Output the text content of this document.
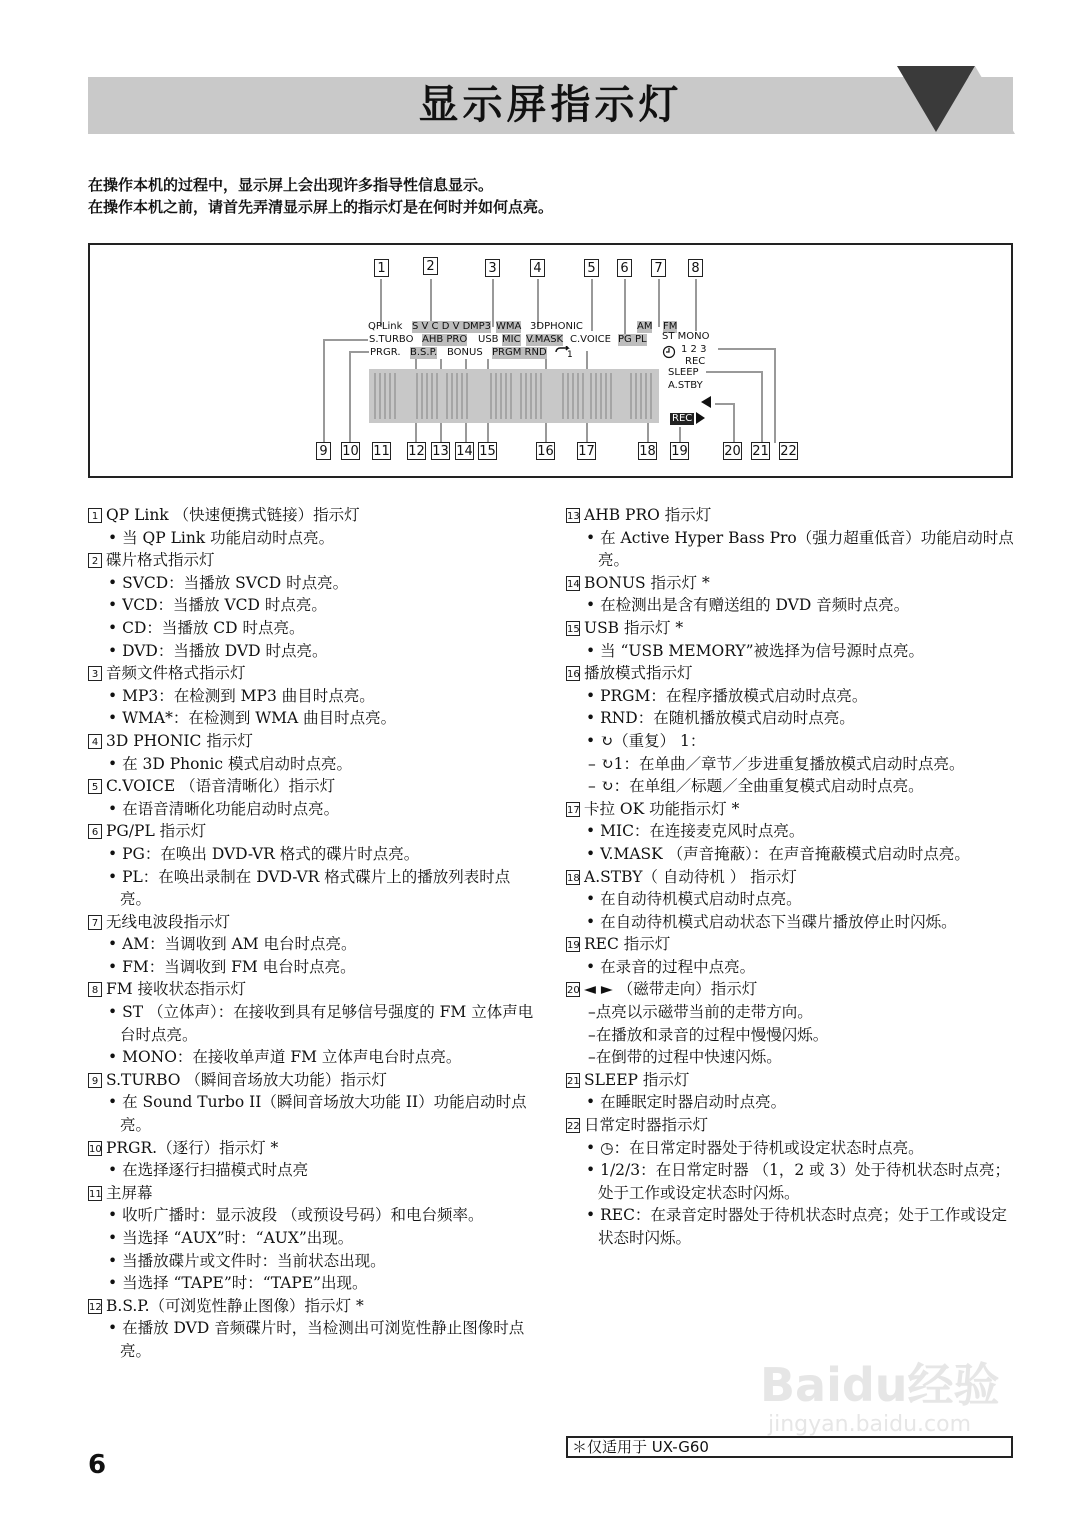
显示屏指示灯
在操作本机的过程中，显示屏上会出现许多指导性信息显示。
在操作本机之前，请首先弄清显示屏上的指示灯是在何时并如何点亮。
1	2	3	4	5 6 7 8
QPLink S V C D V D MP3 WMA 3DPHONIC	AM FM
S.TURBO AHB PRO USB MIC V.MASK C.VOICE PG PL ST MONO
PRGR. B.S.P. BONUS PRGM RND 1	1 2 3
REC
SLEEP
A.STBY
REC
9 10 11 12 13 14 15	16 17	18 19	20 21 22
1 QP Link （快速便携式链接）指示灯
• 当 QP Link 功能启动时点亮。
2 碟片格式指示灯
• SVCD：当播放 SVCD 时点亮。
• VCD：当播放 VCD 时点亮。
• CD：当播放 CD 时点亮。
• DVD：当播放 DVD 时点亮。
3 音频文件格式指示灯
• MP3：在检测到 MP3 曲目时点亮。
• WMA*：在检测到 WMA 曲目时点亮。
4 3D PHONIC 指示灯
• 在 3D Phonic 模式启动时点亮。
5 C.VOICE （语音清晰化）指示灯
• 在语音清晰化功能启动时点亮。
6 PG/PL 指示灯
• PG：在唤出 DVD-VR 格式的碟片时点亮。
• PL：在唤出录制在 DVD-VR 格式碟片上的播放列表时点亮。
7 无线电波段指示灯
• AM：当调收到 AM 电台时点亮。
• FM：当调收到 FM 电台时点亮。
8 FM 接收状态指示灯
• ST （立体声）：在接收到具有足够信号强度的 FM 立体声电台时点亮。
• MONO：在接收单声道 FM 立体声电台时点亮。
9 S.TURBO （瞬间音场放大功能）指示灯
• 在 Sound Turbo II（瞬间音场放大功能 II）功能启动时点亮。
10 PRGR.（逐行）指示灯 *
• 在选择逐行扫描模式时点亮
11 主屏幕
• 收听广播时：显示波段 （或预设号码）和电台频率。
• 当选择 “AUX”时：“AUX”出现。
• 当播放碟片或文件时：当前状态出现。
• 当选择 “TAPE”时：“TAPE”出现。
12 B.S.P.（可浏览性静止图像）指示灯 *
• 在播放 DVD 音频碟片时，当检测出可浏览性静止图像时点亮。
13 AHB PRO 指示灯
• 在 Active Hyper Bass Pro（强力超重低音）功能启动时点亮。
14 BONUS 指示灯 *
• 在检测出是含有赠送组的 DVD 音频时点亮。
15 USB 指示灯 *
• 当 “USB MEMORY”被选择为信号源时点亮。
16 播放模式指示灯
• PRGM：在程序播放模式启动时点亮。
• RND：在随机播放模式启动时点亮。
• ↻（重复） 1：
– ↻1：在单曲／章节／步进重复播放模式启动时点亮。
– ↻：在单组／标题／全曲重复模式启动时点亮。
17 卡拉 OK 功能指示灯 *
• MIC：在连接麦克风时点亮。
• V.MASK （声音掩蔽）：在声音掩蔽模式启动时点亮。
18 A.STBY（ 自动待机 ） 指示灯
• 在自动待机模式启动时点亮。
• 在自动待机模式启动状态下当碟片播放停止时闪烁。
19 REC 指示灯
• 在录音的过程中点亮。
20 ◄ ► （磁带走向）指示灯
–点亮以示磁带当前的走带方向。
–在播放和录音的过程中慢慢闪烁。
–在倒带的过程中快速闪烁。
21 SLEEP 指示灯
• 在睡眠定时器启动时点亮。
22 日常定时器指示灯
• ◷：在日常定时器处于待机或设定状态时点亮。
• 1/2/3：在日常定时器 （1，2 或 3）处于待机状态时点亮；处于工作或设定状态时闪烁。
• REC：在录音定时器处于待机状态时点亮；处于工作或设定状态时闪烁。
Baidu经验
jingyan.baidu.com
6
＊仅适用于 UX-G60
